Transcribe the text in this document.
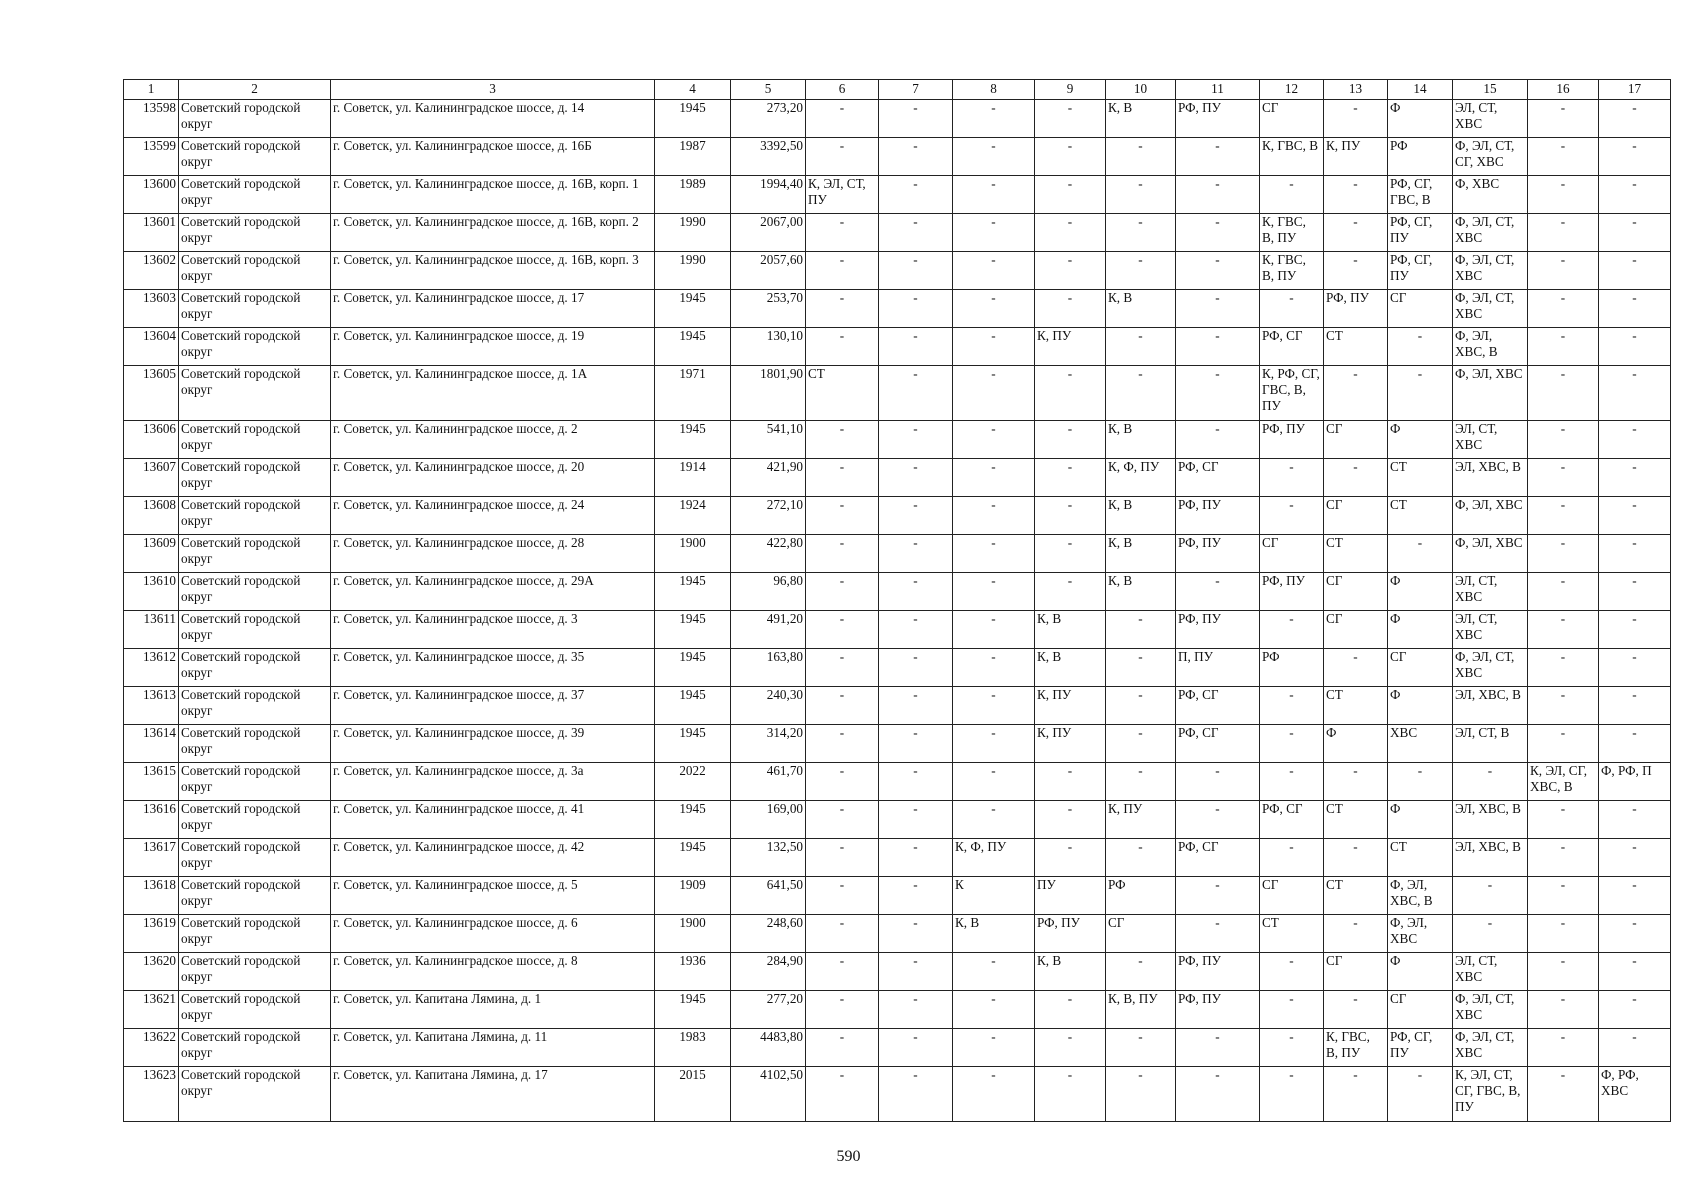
1	2	3	4	5	6	7	8	9	10	11	12	13	14	15	16	17
13598	Советский городской округ	г. Советск, ул. Калининградское шоссе, д. 14	1945	273,20	-	-	-	-	К, В	РФ, ПУ	СГ	-	Ф	ЭЛ, СТ, ХВС	-	-
13599	Советский городской округ	г. Советск, ул. Калининградское шоссе, д. 16Б	1987	3392,50	-	-	-	-	-	-	К, ГВС, В	К, ПУ	РФ	Ф, ЭЛ, СТ, СГ, ХВС	-	-
13600	Советский городской округ	г. Советск, ул. Калининградское шоссе, д. 16В, корп. 1	1989	1994,40	К, ЭЛ, СТ, ПУ	-	-	-	-	-	-	-	РФ, СГ, ГВС, В	Ф, ХВС	-	-
13601	Советский городской округ	г. Советск, ул. Калининградское шоссе, д. 16В, корп. 2	1990	2067,00	-	-	-	-	-	-	К, ГВС, В, ПУ	-	РФ, СГ, ПУ	Ф, ЭЛ, СТ, ХВС	-	-
13602	Советский городской округ	г. Советск, ул. Калининградское шоссе, д. 16В, корп. 3	1990	2057,60	-	-	-	-	-	-	К, ГВС, В, ПУ	-	РФ, СГ, ПУ	Ф, ЭЛ, СТ, ХВС	-	-
13603	Советский городской округ	г. Советск, ул. Калининградское шоссе, д. 17	1945	253,70	-	-	-	-	К, В	-	-	РФ, ПУ	СГ	Ф, ЭЛ, СТ, ХВС	-	-
13604	Советский городской округ	г. Советск, ул. Калининградское шоссе, д. 19	1945	130,10	-	-	-	К, ПУ	-	-	РФ, СГ	СТ	-	Ф, ЭЛ, ХВС, В	-	-
13605	Советский городской округ	г. Советск, ул. Калининградское шоссе, д. 1А	1971	1801,90	СТ	-	-	-	-	-	К, РФ, СГ, ГВС, В, ПУ	-	-	Ф, ЭЛ, ХВС	-	-
13606	Советский городской округ	г. Советск, ул. Калининградское шоссе, д. 2	1945	541,10	-	-	-	-	К, В	-	РФ, ПУ	СГ	Ф	ЭЛ, СТ, ХВС	-	-
13607	Советский городской округ	г. Советск, ул. Калининградское шоссе, д. 20	1914	421,90	-	-	-	-	К, Ф, ПУ	РФ, СГ	-	-	СТ	ЭЛ, ХВС, В	-	-
13608	Советский городской округ	г. Советск, ул. Калининградское шоссе, д. 24	1924	272,10	-	-	-	-	К, В	РФ, ПУ	-	СГ	СТ	Ф, ЭЛ, ХВС	-	-
13609	Советский городской округ	г. Советск, ул. Калининградское шоссе, д. 28	1900	422,80	-	-	-	-	К, В	РФ, ПУ	СГ	СТ	-	Ф, ЭЛ, ХВС	-	-
13610	Советский городской округ	г. Советск, ул. Калининградское шоссе, д. 29А	1945	96,80	-	-	-	-	К, В	-	РФ, ПУ	СГ	Ф	ЭЛ, СТ, ХВС	-	-
13611	Советский городской округ	г. Советск, ул. Калининградское шоссе, д. 3	1945	491,20	-	-	-	К, В	-	РФ, ПУ	-	СГ	Ф	ЭЛ, СТ, ХВС	-	-
13612	Советский городской округ	г. Советск, ул. Калининградское шоссе, д. 35	1945	163,80	-	-	-	К, В	-	П, ПУ	РФ	-	СГ	Ф, ЭЛ, СТ, ХВС	-	-
13613	Советский городской округ	г. Советск, ул. Калининградское шоссе, д. 37	1945	240,30	-	-	-	К, ПУ	-	РФ, СГ	-	СТ	Ф	ЭЛ, ХВС, В	-	-
13614	Советский городской округ	г. Советск, ул. Калининградское шоссе, д. 39	1945	314,20	-	-	-	К, ПУ	-	РФ, СГ	-	Ф	ХВС	ЭЛ, СТ, В	-	-
13615	Советский городской округ	г. Советск, ул. Калининградское шоссе, д. 3а	2022	461,70	-	-	-	-	-	-	-	-	-	-	К, ЭЛ, СГ, ХВС, В	Ф, РФ, П
13616	Советский городской округ	г. Советск, ул. Калининградское шоссе, д. 41	1945	169,00	-	-	-	-	К, ПУ	-	РФ, СГ	СТ	Ф	ЭЛ, ХВС, В	-	-
13617	Советский городской округ	г. Советск, ул. Калининградское шоссе, д. 42	1945	132,50	-	-	К, Ф, ПУ	-	-	РФ, СГ	-	-	СТ	ЭЛ, ХВС, В	-	-
13618	Советский городской округ	г. Советск, ул. Калининградское шоссе, д. 5	1909	641,50	-	-	К	ПУ	РФ	-	СГ	СТ	Ф, ЭЛ, ХВС, В	-	-	-
13619	Советский городской округ	г. Советск, ул. Калининградское шоссе, д. 6	1900	248,60	-	-	К, В	РФ, ПУ	СГ	-	СТ	-	Ф, ЭЛ, ХВС	-	-	-
13620	Советский городской округ	г. Советск, ул. Калининградское шоссе, д. 8	1936	284,90	-	-	-	К, В	-	РФ, ПУ	-	СГ	Ф	ЭЛ, СТ, ХВС	-	-
13621	Советский городской округ	г. Советск, ул. Капитана Лямина, д. 1	1945	277,20	-	-	-	-	К, В, ПУ	РФ, ПУ	-	-	СГ	Ф, ЭЛ, СТ, ХВС	-	-
13622	Советский городской округ	г. Советск, ул. Капитана Лямина, д. 11	1983	4483,80	-	-	-	-	-	-	-	К, ГВС, В, ПУ	РФ, СГ, ПУ	Ф, ЭЛ, СТ, ХВС	-	-
13623	Советский городской округ	г. Советск, ул. Капитана Лямина, д. 17	2015	4102,50	-	-	-	-	-	-	-	-	-	К, ЭЛ, СТ, СГ, ГВС, В, ПУ	-	Ф, РФ, ХВС
590
